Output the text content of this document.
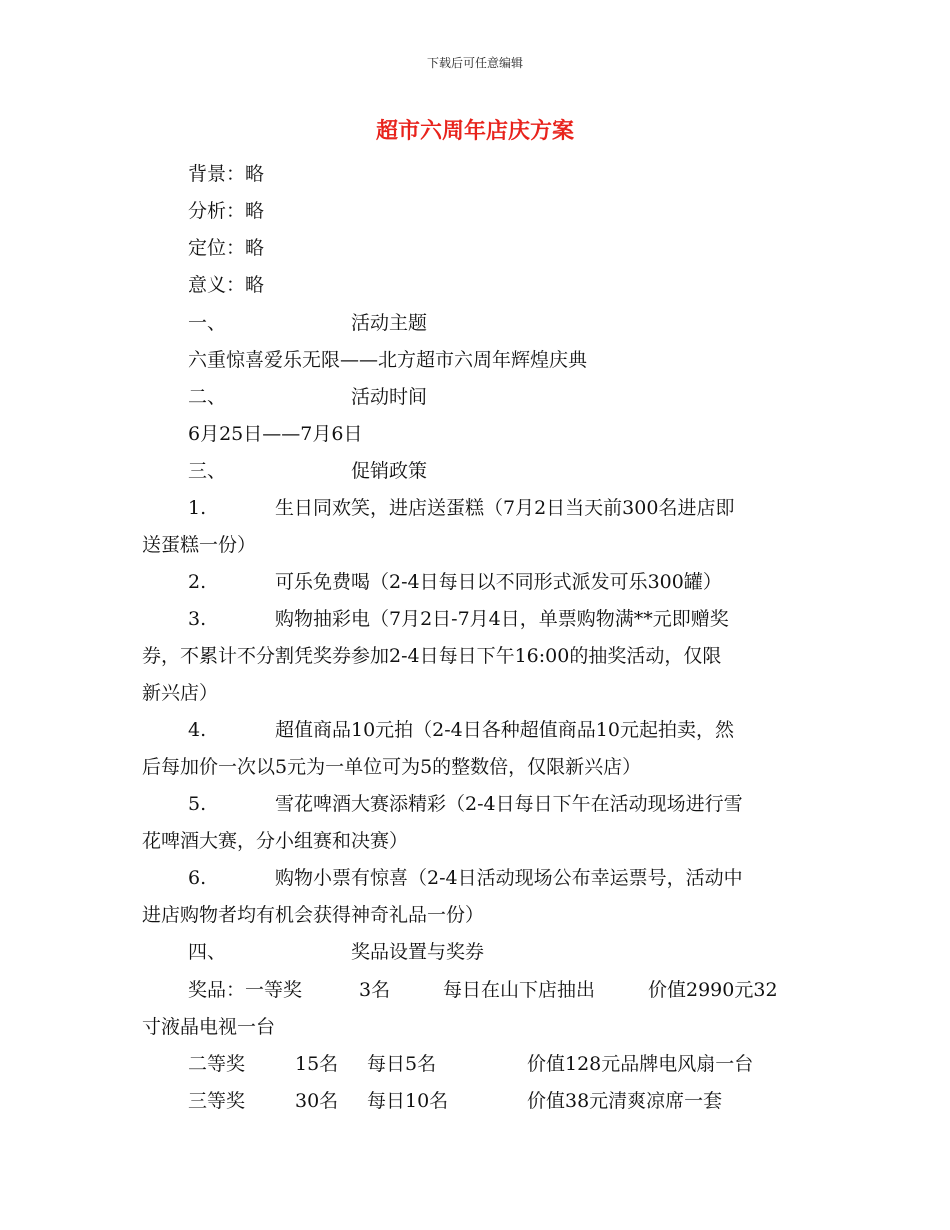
下载后可任意编辑
超市六周年店庆方案
背景：略
分析：略
定位：略
意义：略
一、	活动主题
六重惊喜爱乐无限——北方超市六周年辉煌庆典
二、	活动时间
6月25日——7月6日
三、	促销政策
1.	生日同欢笑，进店送蛋糕（7月2日当天前300名进店即
送蛋糕一份）
2.	可乐免费喝（2-4日每日以不同形式派发可乐300罐）
3.	购物抽彩电（7月2日-7月4日，单票购物满**元即赠奖
券，不累计不分割凭奖券参加2-4日每日下午16:00的抽奖活动，仅限
新兴店）
4.	超值商品10元拍（2-4日各种超值商品10元起拍卖，然
后每加价一次以5元为一单位可为5的整数倍，仅限新兴店）
5.	雪花啤酒大赛添精彩（2-4日每日下午在活动现场进行雪
花啤酒大赛，分小组赛和决赛）
6.	购物小票有惊喜（2-4日活动现场公布幸运票号，活动中
进店购物者均有机会获得神奇礼品一份）
四、	奖品设置与奖券
奖品：一等奖	3名	每日在山下店抽出	价值2990元32
寸液晶电视一台
二等奖	15名 每日5名	价值128元品牌电风扇一台
三等奖	30名 每日10名	价值38元清爽凉席一套
